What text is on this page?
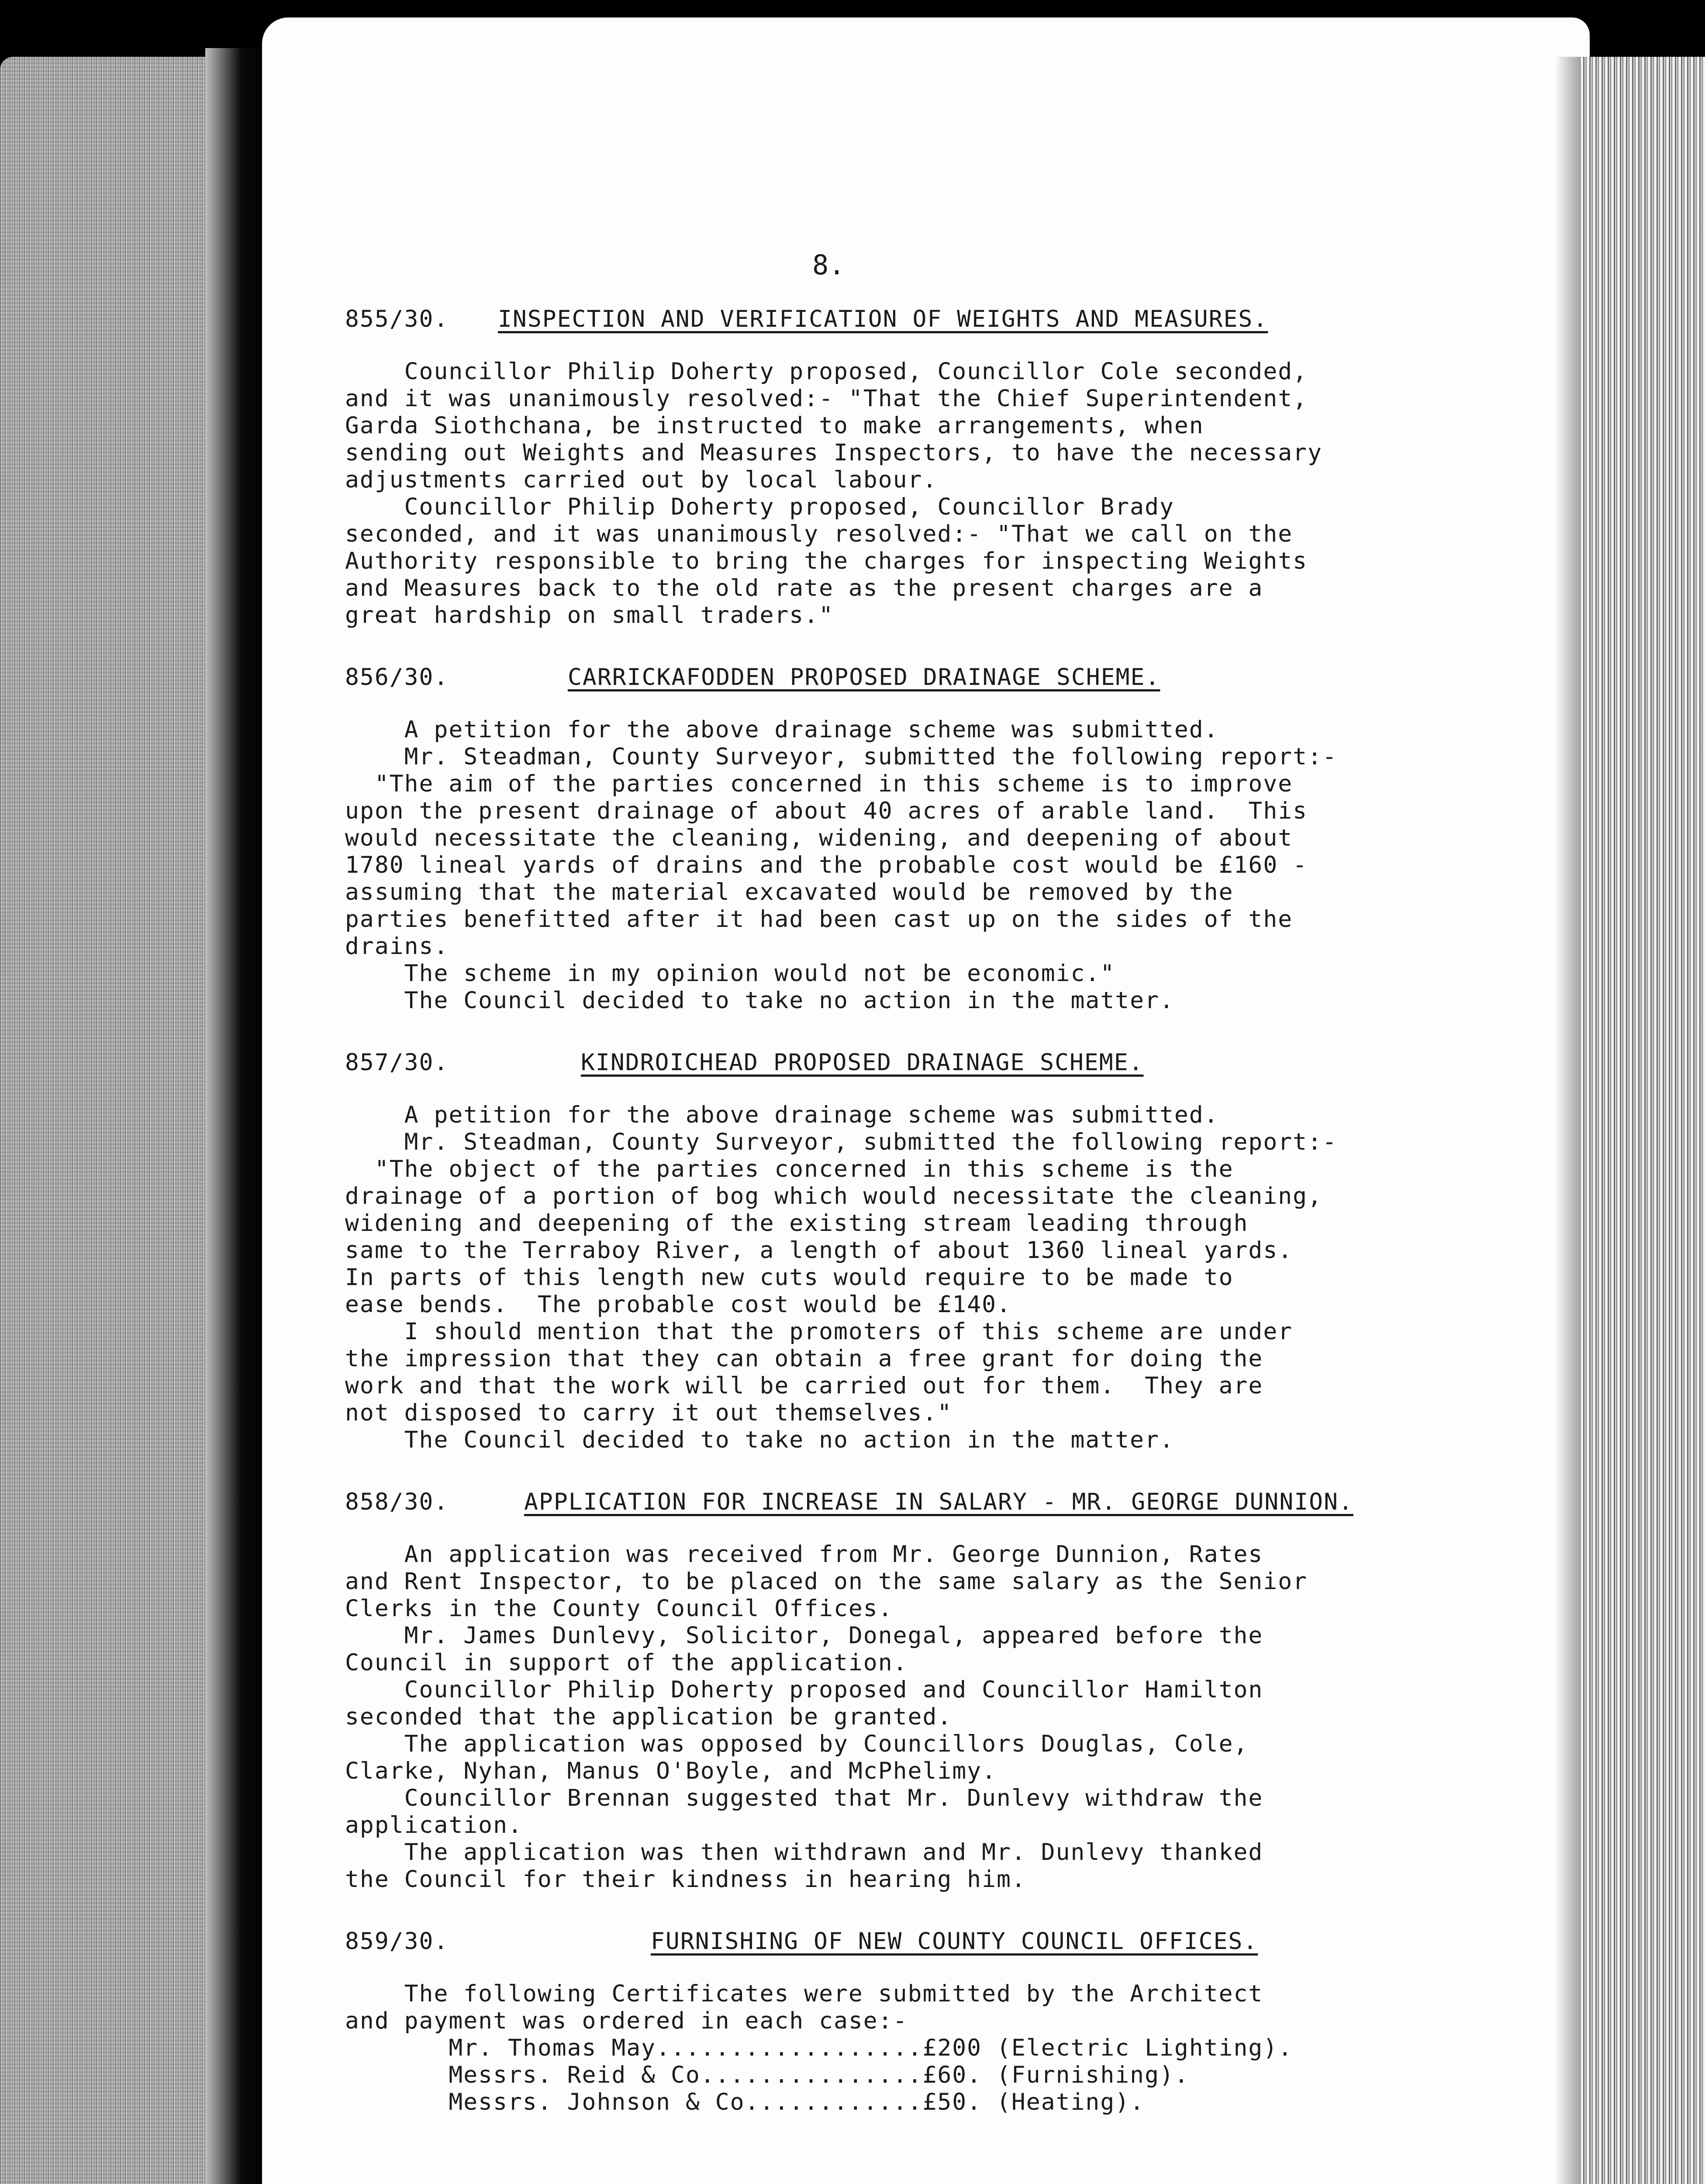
8.
855/30. INSPECTION AND VERIFICATION OF WEIGHTS AND MEASURES.

Councillor Philip Doherty proposed, Councillor Cole seconded,

and it was unanimously resolved:- "That the Chief Superintendent,

Garda Siothchana, be instructed to make arrangements, when

sending out Weights and Measures Inspectors, to have the necessary

adjustments carried out by local labour.

Councillor Philip Doherty proposed, Councillor Brady

seconded, and it was unanimously resolved:- "That we call on the

Authority responsible to bring the charges for inspecting Weights

and Measures back to the old rate as the present charges are a

great hardship on small traders."

856/30.	CARRICKAFODDEN PROPOSED DRAINAGE SCHEME.

A petition for the above drainage scheme was submitted.

Mr. Steadman, County Surveyor, submitted the following report:-

"The aim of the parties concerned in this scheme is to improve

upon the present drainage of about 40 acres of arable land.  This

would necessitate the cleaning, widening, and deepening of about

1780 lineal yards of drains and the probable cost would be £160 -

assuming that the material excavated would be removed by the

parties benefitted after it had been cast up on the sides of the

drains.

The scheme in my opinion would not be economic."

The Council decided to take no action in the matter.

857/30.	KINDROICHEAD PROPOSED DRAINAGE SCHEME.

A petition for the above drainage scheme was submitted.

Mr. Steadman, County Surveyor, submitted the following report:-

"The object of the parties concerned in this scheme is the

drainage of a portion of bog which would necessitate the cleaning,

widening and deepening of the existing stream leading through

same to the Terraboy River, a length of about 1360 lineal yards.

In parts of this length new cuts would require to be made to

ease bends.  The probable cost would be £140.

I should mention that the promoters of this scheme are under

the impression that they can obtain a free grant for doing the

work and that the work will be carried out for them.  They are

not disposed to carry it out themselves."

The Council decided to take no action in the matter.

858/30.	APPLICATION FOR INCREASE IN SALARY - MR. GEORGE DUNNION.

An application was received from Mr. George Dunnion, Rates

and Rent Inspector, to be placed on the same salary as the Senior

Clerks in the County Council Offices.

Mr. James Dunlevy, Solicitor, Donegal, appeared before the

Council in support of the application.

Councillor Philip Doherty proposed and Councillor Hamilton

seconded that the application be granted.

The application was opposed by Councillors Douglas, Cole,

Clarke, Nyhan, Manus O'Boyle, and McPhelimy.

Councillor Brennan suggested that Mr. Dunlevy withdraw the

application.

The application was then withdrawn and Mr. Dunlevy thanked

the Council for their kindness in hearing him.

859/30.	FURNISHING OF NEW COUNTY COUNCIL OFFICES.

The following Certificates were submitted by the Architect

and payment was ordered in each case:-

Mr. Thomas May..................£200 (Electric Lighting).

Messrs. Reid & Co...............£60. (Furnishing).

Messrs. Johnson & Co............£50. (Heating).
